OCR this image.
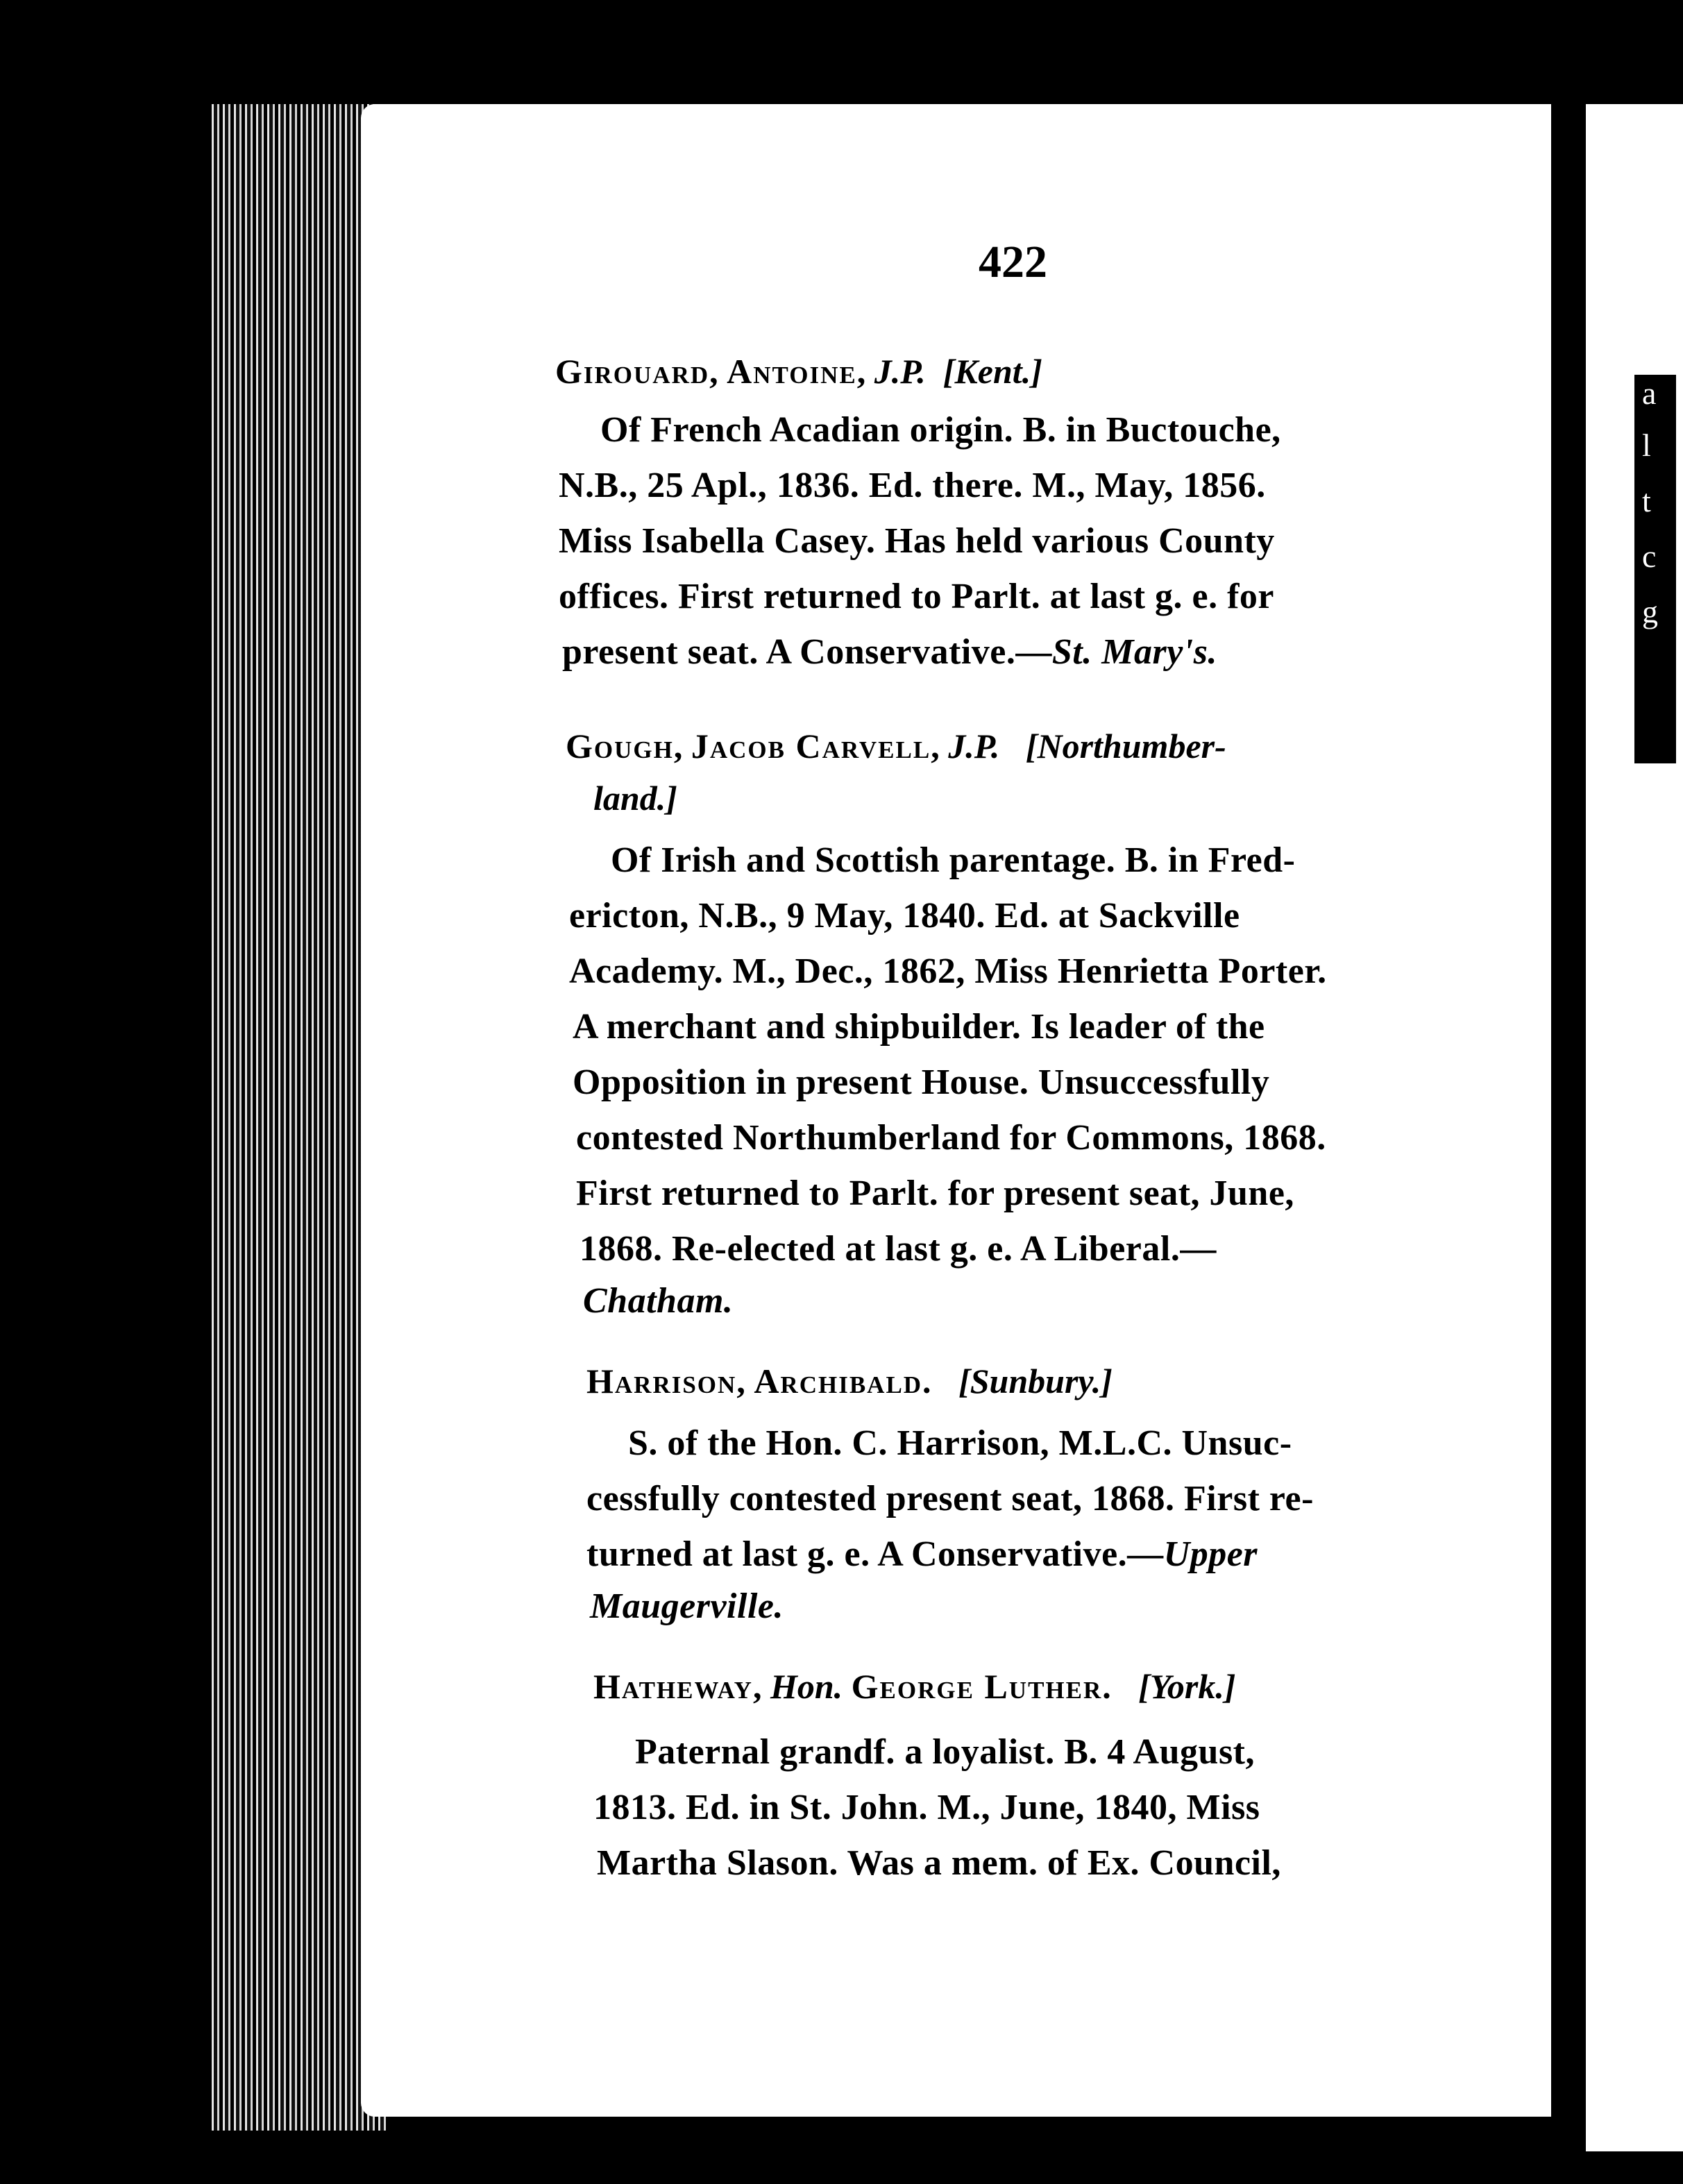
a
l
t
c
g
422
Girouard, Antoine, J.P. [Kent.]
Of French Acadian origin. B. in Buctouche,
N.B., 25 Apl., 1836. Ed. there. M., May, 1856.
Miss Isabella Casey. Has held various County
offices. First returned to Parlt. at last g. e. for
present seat. A Conservative.—St. Mary's.
Gough, Jacob Carvell, J.P. [Northumber-
land.]
Of Irish and Scottish parentage. B. in Fred-
ericton, N.B., 9 May, 1840. Ed. at Sackville
Academy. M., Dec., 1862, Miss Henrietta Porter.
A merchant and shipbuilder. Is leader of the
Opposition in present House. Unsuccessfully
contested Northumberland for Commons, 1868.
First returned to Parlt. for present seat, June,
1868. Re-elected at last g. e. A Liberal.—
Chatham.
Harrison, Archibald. [Sunbury.]
S. of the Hon. C. Harrison, M.L.C. Unsuc-
cessfully contested present seat, 1868. First re-
turned at last g. e. A Conservative.—Upper
Maugerville.
Hatheway, Hon. George Luther. [York.]
Paternal grandf. a loyalist. B. 4 August,
1813. Ed. in St. John. M., June, 1840, Miss
Martha Slason. Was a mem. of Ex. Council,
